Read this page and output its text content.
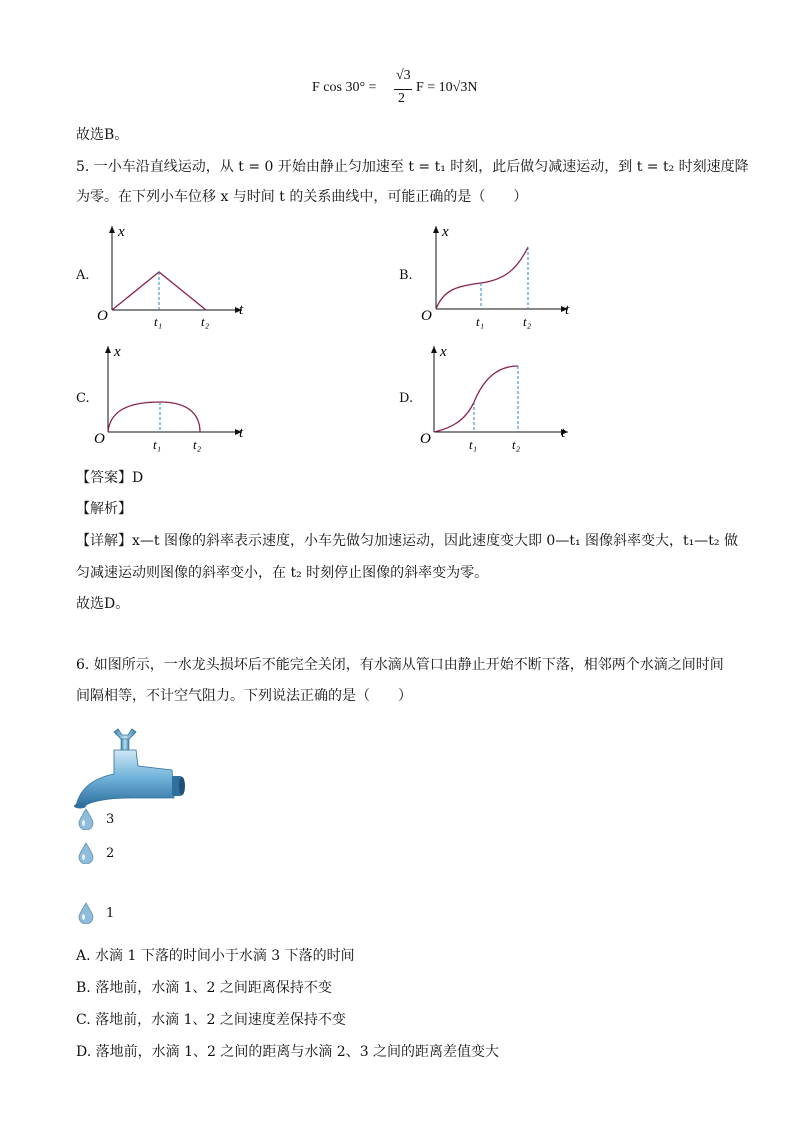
F cos 30° =
√3
2
F = 10√3N
故选B。
5. 一小车沿直线运动，从 t = 0 开始由静止匀加速至 t = t₁ 时刻，此后做匀减速运动，到 t = t₂ 时刻速度降
为零。在下列小车位移 x 与时间 t 的关系曲线中，可能正确的是（　　）
A.
x
O	t
t₁	t₂
B.
x
O	t
t₁	t₂
C.
x
O	t
t₁ t₂
D.
x
O	t
t₁	t₂
【答案】D
【解析】
【详解】x—t 图像的斜率表示速度，小车先做匀加速运动，因此速度变大即 0—t₁ 图像斜率变大，t₁—t₂ 做
匀减速运动则图像的斜率变小，在 t₂ 时刻停止图像的斜率变为零。
故选D。
6. 如图所示，一水龙头损坏后不能完全关闭，有水滴从管口由静止开始不断下落，相邻两个水滴之间时间
间隔相等，不计空气阻力。下列说法正确的是（　　）
3
2
1
A. 水滴 1 下落的时间小于水滴 3 下落的时间
B. 落地前，水滴 1、2 之间距离保持不变
C. 落地前，水滴 1、2 之间速度差保持不变
D. 落地前，水滴 1、2 之间的距离与水滴 2、3 之间的距离差值变大
